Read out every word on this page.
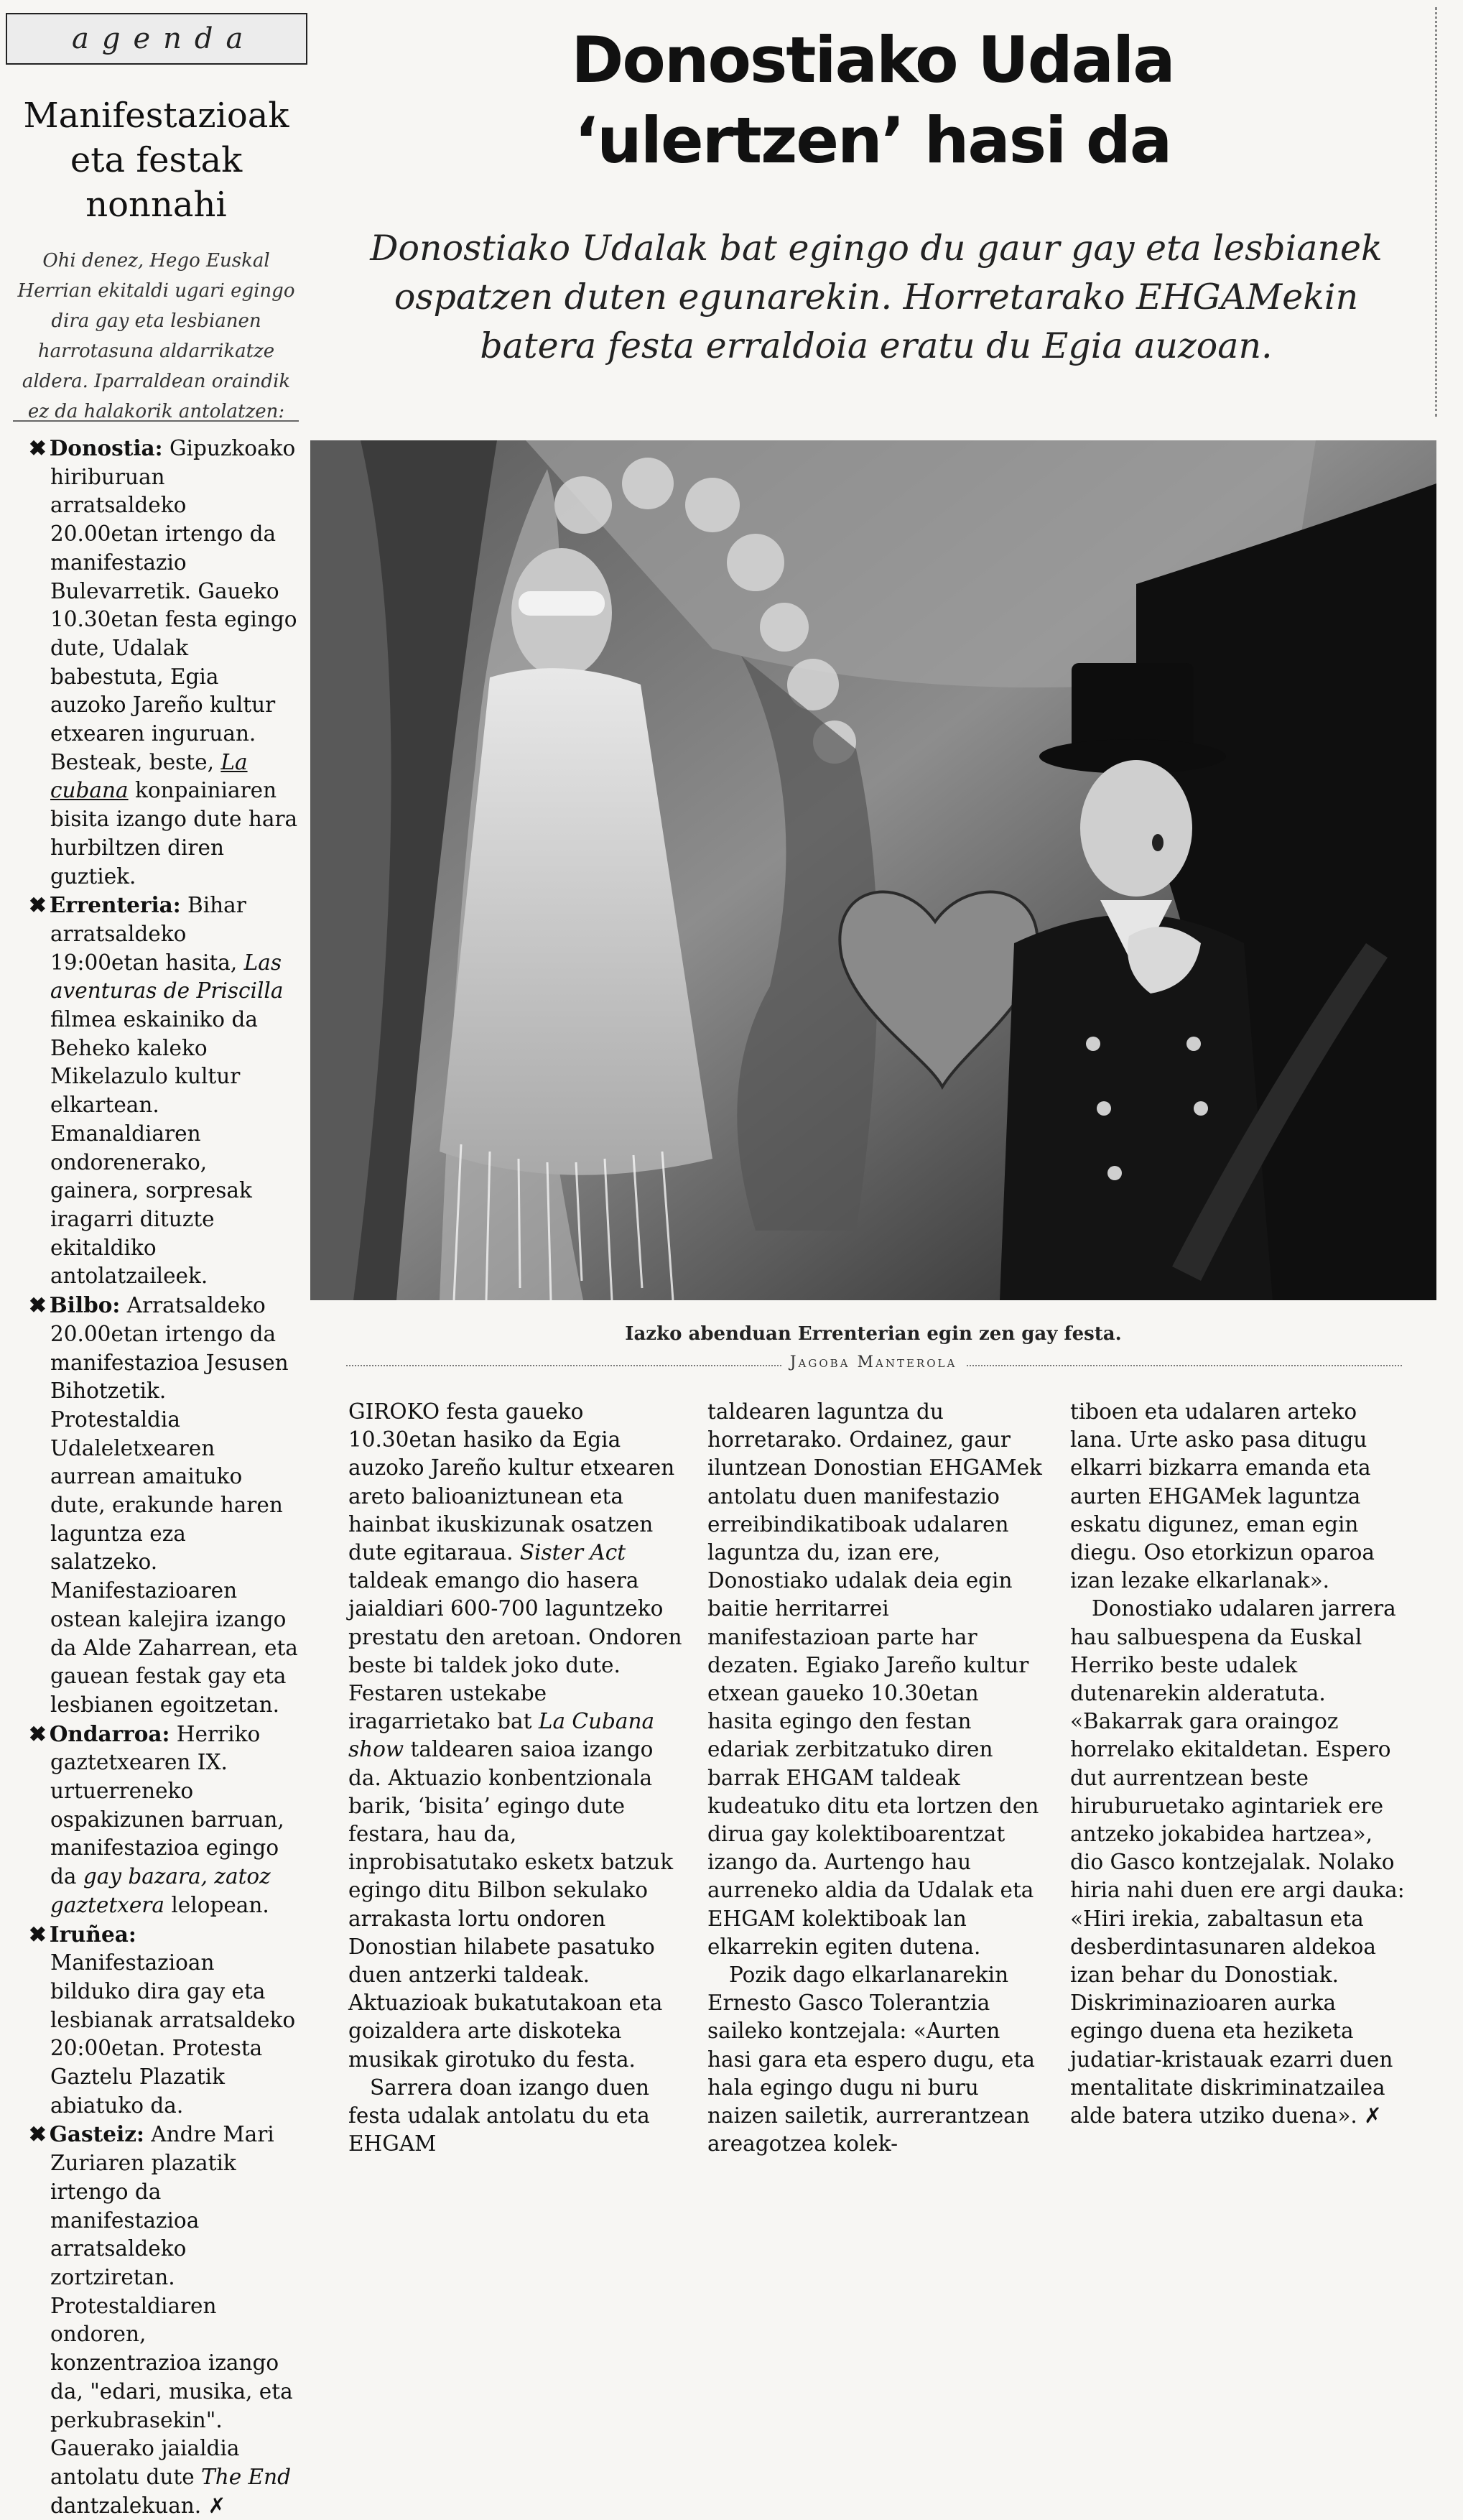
agenda
Manifestazioak
eta festak
nonnahi
Ohi denez, Hego Euskal Herrian ekitaldi ugari egingo dira gay eta lesbianen harrotasuna aldarrikatze aldera. Iparraldean oraindik ez da halakorik antolatzen:

✖ Donostia: Gipuzkoako hiriburuan arratsaldeko 20.00etan irtengo da manifestazio Bulevarretik. Gaueko 10.30etan festa egingo dute, Udalak babestuta, Egia auzoko Jareño kultur etxearen inguruan. Besteak, beste, La cubana konpainiaren bisita izango dute hara hurbiltzen diren guztiek.

✖ Errenteria: Bihar arratsaldeko 19:00etan hasita, Las aventuras de Priscilla filmea eskainiko da Beheko kaleko Mikelazulo kultur elkartean. Emanaldiaren ondorenerako, gainera, sorpresak iragarri dituzte ekitaldiko antolatzaileek.

✖ Bilbo: Arratsaldeko 20.00etan irtengo da manifestazioa Jesusen Bihotzetik. Protestaldia Udaleletxearen aurrean amaituko dute, erakunde haren laguntza eza salatzeko. Manifestazioaren ostean kalejira izango da Alde Zaharrean, eta gauean festak gay eta lesbianen egoitzetan.

✖ Ondarroa: Herriko gaztetxearen IX. urtuerreneko ospakizunen barruan, manifestazioa egingo da gay bazara, zatoz gaztetxera lelopean.

✖ Iruñea: Manifestazioan bilduko dira gay eta lesbianak arratsaldeko 20:00etan. Protesta Gaztelu Plazatik abiatuko da.

✖ Gasteiz: Andre Mari Zuriaren plazatik irtengo da manifestazioa arratsaldeko zortziretan. Protestaldiaren ondoren, konzentrazioa izango da, "edari, musika, eta perkubrasekin". Gauerako jaialdia antolatu dute The End dantzalekuan. ✗

Donostiako Udala
‘ulertzen’ hasi da
Donostiako Udalak bat egingo du gaur gay eta lesbianek ospatzen duten egunarekin. Horretarako EHGAMekin batera festa erraldoia eratu du Egia auzoan.
Iazko abenduan Errenterian egin zen gay festa.
Jagoba Manterola

GIROKO festa gaueko 10.30etan hasiko da Egia auzoko Jareño kultur etxearen areto balioaniztunean eta hainbat ikuskizunak osatzen dute egitaraua. Sister Act taldeak emango dio hasera jaialdiari 600-700 laguntzeko prestatu den aretoan. Ondoren beste bi taldek joko dute. Festaren ustekabe iragarrietako bat La Cubana show taldearen saioa izango da. Aktuazio konbentzionala barik, ‘bisita’ egingo dute festara, hau da, inprobisatutako esketx batzuk egingo ditu Bilbon sekulako arrakasta lortu ondoren Donostian hilabete pasatuko duen antzerki taldeak. Aktuazioak bukatutakoan eta goizaldera arte diskoteka musikak girotuko du festa.

Sarrera doan izango duen festa udalak antolatu du eta EHGAM

taldearen laguntza du horretarako. Ordainez, gaur iluntzean Donostian EHGAMek antolatu duen manifestazio erreibindikatiboak udalaren laguntza du, izan ere, Donostiako udalak deia egin baitie herritarrei manifestazioan parte har dezaten. Egiako Jareño kultur etxean gaueko 10.30etan hasita egingo den festan edariak zerbitzatuko diren barrak EHGAM taldeak kudeatuko ditu eta lortzen den dirua gay kolektiboarentzat izango da. Aurtengo hau aurreneko aldia da Udalak eta EHGAM kolektiboak lan elkarrekin egiten dutena.

Pozik dago elkarlanarekin Ernesto Gasco Tolerantzia saileko kontzejala: «Aurten hasi gara eta espero dugu, eta hala egingo dugu ni buru naizen sailetik, aurrerantzean areagotzea kolek-

tiboen eta udalaren arteko lana. Urte asko pasa ditugu elkarri bizkarra emanda eta aurten EHGAMek laguntza eskatu digunez, eman egin diegu. Oso etorkizun oparoa izan lezake elkarlanak».

Donostiako udalaren jarrera hau salbuespena da Euskal Herriko beste udalek dutenarekin alderatuta. «Bakarrak gara oraingoz horrelako ekitaldetan. Espero dut aurrentzean beste hiruburuetako agintariek ere antzeko jokabidea hartzea», dio Gasco kontzejalak. Nolako hiria nahi duen ere argi dauka: «Hiri irekia, zabaltasun eta desberdintasunaren aldekoa izan behar du Donostiak. Diskriminazioaren aurka egingo duena eta heziketa judatiar-kristauak ezarri duen mentalitate diskriminatzailea alde batera utziko duena». ✗
